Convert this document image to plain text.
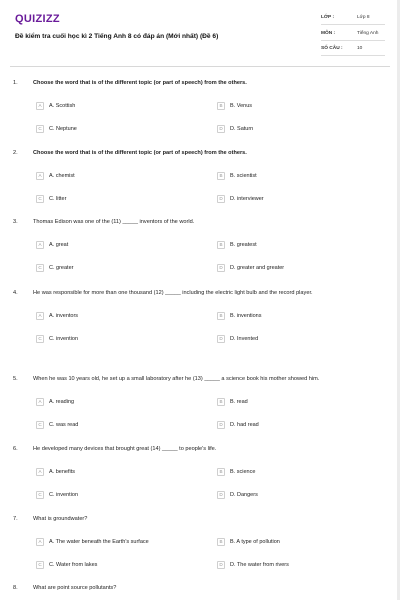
QUIZIZZ
Đề kiểm tra cuối học kì 2 Tiếng Anh 8 có đáp án (Mới nhất) (Đề 6)
LỚP :	Lớp 8
MÔN :	Tiếng Anh
SỐ CÂU :	10
1.	Choose the word that is of the different topic (or part of speech) from the others.
A	A. Scottish	B	B. Venus
C	C. Neptune	D	D. Saturn
2.	Choose the word that is of the different topic (or part of speech) from the others.
A	A. chemist	B	B. scientist
C	C. litter	D	D. interviewer
3.	Thomas Edison was one of the (11) _____ inventors of the world.
A	A. great	B	B. greatest
C	C. greater	D	D. greater and greater
4.	He was responsible for more than one thousand (12) _____ including the electric light bulb and the record player.
A	A. inventors	B	B. inventions
C	C. invention	D	D. Invented
5.	When he was 10 years old, he set up a small laboratory after he (13) _____ a science book his mother showed him.
A	A. reading	B	B. read
C	C. was read	D	D. had read
6.	He developed many devices that brought great (14) _____ to people's life.
A	A. benefits	B	B. science
C	C. invention	D	D. Dangers
7.	What is groundwater?
A	A. The water beneath the Earth's surface	B	B. A type of pollution
C	C. Water from lakes	D	D. The water from rivers
8.	What are point source pollutants?
